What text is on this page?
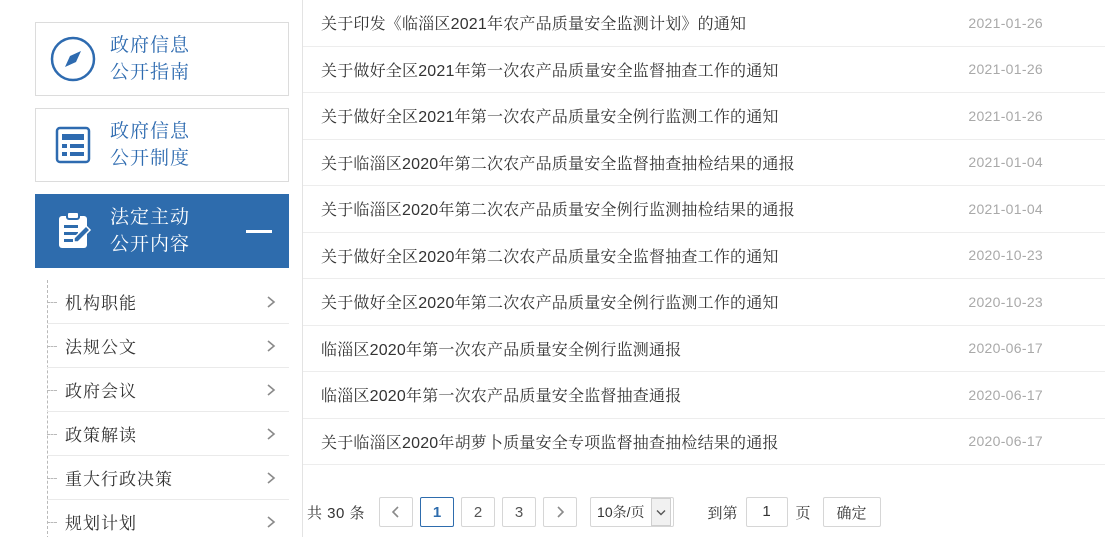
政府信息
公开指南
政府信息
公开制度
法定主动
公开内容
机构职能
法规公文
政府会议
政策解读
重大行政决策
规划计划
关于印发《临淄区2021年农产品质量安全监测计划》的通知	2021-01-26
关于做好全区2021年第一次农产品质量安全监督抽查工作的通知	2021-01-26
关于做好全区2021年第一次农产品质量安全例行监测工作的通知	2021-01-26
关于临淄区2020年第二次农产品质量安全监督抽查抽检结果的通报	2021-01-04
关于临淄区2020年第二次农产品质量安全例行监测抽检结果的通报	2021-01-04
关于做好全区2020年第二次农产品质量安全监督抽查工作的通知	2020-10-23
关于做好全区2020年第二次农产品质量安全例行监测工作的通知	2020-10-23
临淄区2020年第一次农产品质量安全例行监测通报	2020-06-17
临淄区2020年第一次农产品质量安全监督抽查通报	2020-06-17
关于临淄区2020年胡萝卜质量安全专项监督抽查抽检结果的通报	2020-06-17
共 30 条	1	2	3	10条/页	到第	1	页	确定
